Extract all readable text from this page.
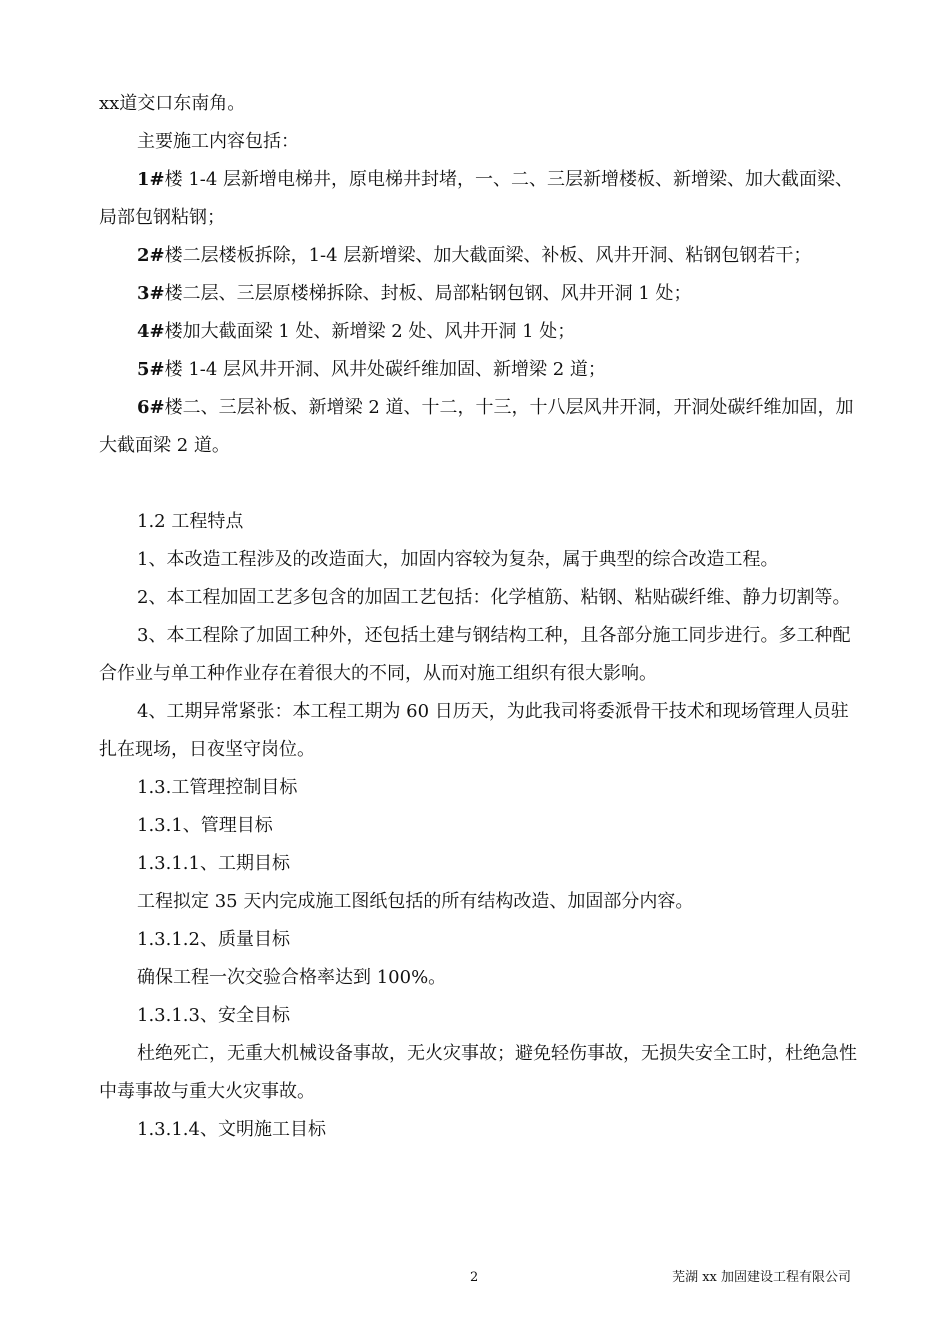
xx道交口东南角。

主要施工内容包括：

1#楼 1-4 层新增电梯井，原电梯井封堵，一、二、三层新增楼板、新增梁、加大截面梁、局部包钢粘钢；

2#楼二层楼板拆除，1-4 层新增梁、加大截面梁、补板、风井开洞、粘钢包钢若干；

3#楼二层、三层原楼梯拆除、封板、局部粘钢包钢、风井开洞 1 处；

4#楼加大截面梁 1 处、新增梁 2 处、风井开洞 1 处；

5#楼 1-4 层风井开洞、风井处碳纤维加固、新增梁 2 道；

6#楼二、三层补板、新增梁 2 道、十二，十三，十八层风井开洞，开洞处碳纤维加固，加大截面梁 2 道。

1.2 工程特点

1、本改造工程涉及的改造面大，加固内容较为复杂，属于典型的综合改造工程。

2、本工程加固工艺多包含的加固工艺包括：化学植筋、粘钢、粘贴碳纤维、静力切割等。

3、本工程除了加固工种外，还包括土建与钢结构工种，且各部分施工同步进行。多工种配合作业与单工种作业存在着很大的不同，从而对施工组织有很大影响。

4、工期异常紧张：本工程工期为 60 日历天，为此我司将委派骨干技术和现场管理人员驻扎在现场，日夜坚守岗位。

1.3.工管理控制目标

1.3.1、管理目标

1.3.1.1、工期目标

工程拟定 35 天内完成施工图纸包括的所有结构改造、加固部分内容。

1.3.1.2、质量目标

确保工程一次交验合格率达到 100%。

1.3.1.3、安全目标

杜绝死亡，无重大机械设备事故，无火灾事故；避免轻伤事故，无损失安全工时，杜绝急性中毒事故与重大火灾事故。

1.3.1.4、文明施工目标

2	芜湖 xx 加固建设工程有限公司
